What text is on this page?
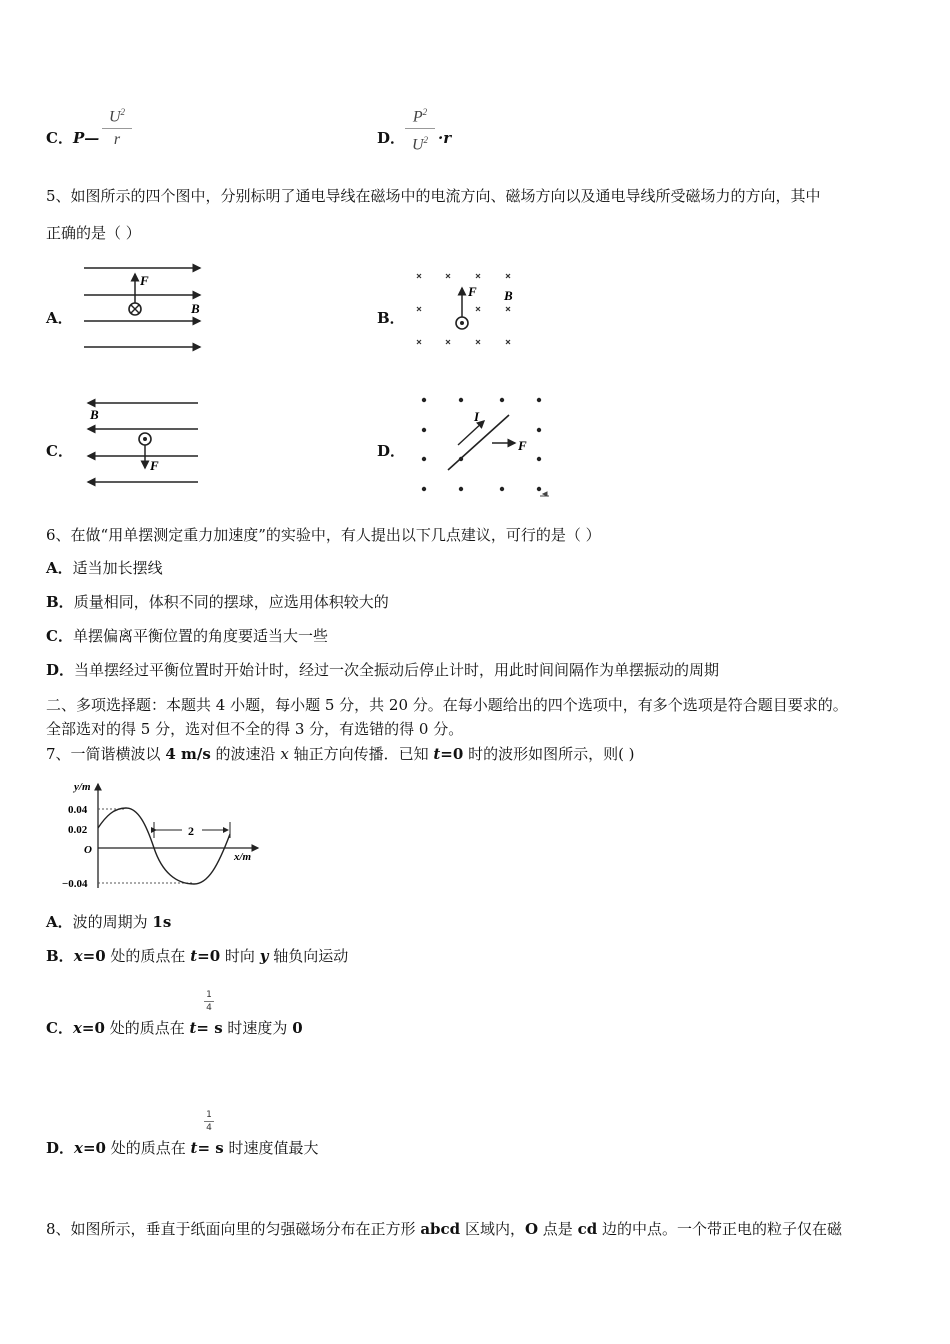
C．P—
$U^2$
r	D．
$P^2$
$U^2 \cdot r$
5、如图所示的四个图中，分别标明了通电导线在磁场中的电流方向、磁场方向以及通电导线所受磁场力的方向，其中
正确的是（ ）
A．	B．
C．	D．
F
B
F B
B
F
I
F
6、在做“用单摆测定重力加速度”的实验中，有人提出以下几点建议，可行的是（ ）
A．适当加长摆线
B．质量相同，体积不同的摆球，应选用体积较大的
C．单摆偏离平衡位置的角度要适当大一些
D．当单摆经过平衡位置时开始计时，经过一次全振动后停止计时，用此时间间隔作为单摆振动的周期
二、多项选择题：本题共 4 小题，每小题 5 分，共 20 分。在每小题给出的四个选项中，有多个选项是符合题目要求的。
全部选对的得 5 分，选对但不全的得 3 分，有选错的得 0 分。
7、一简谐横波以 4 m/s 的波速沿 x 轴正方向传播．已知 t=0 时的波形如图所示，则( )
y/m
x/m
O
0.04
0.02
−0.04
2
A．波的周期为 1s
B．x=0 处的质点在 t=0 时向 y 轴负向运动
1
4
C．x=0 处的质点在 t= s 时速度为 0
1
4
D．x=0 处的质点在 t= s 时速度值最大
8、如图所示，垂直于纸面向里的匀强磁场分布在正方形 abcd 区域内，O 点是 cd 边的中点。一个带正电的粒子仅在磁
